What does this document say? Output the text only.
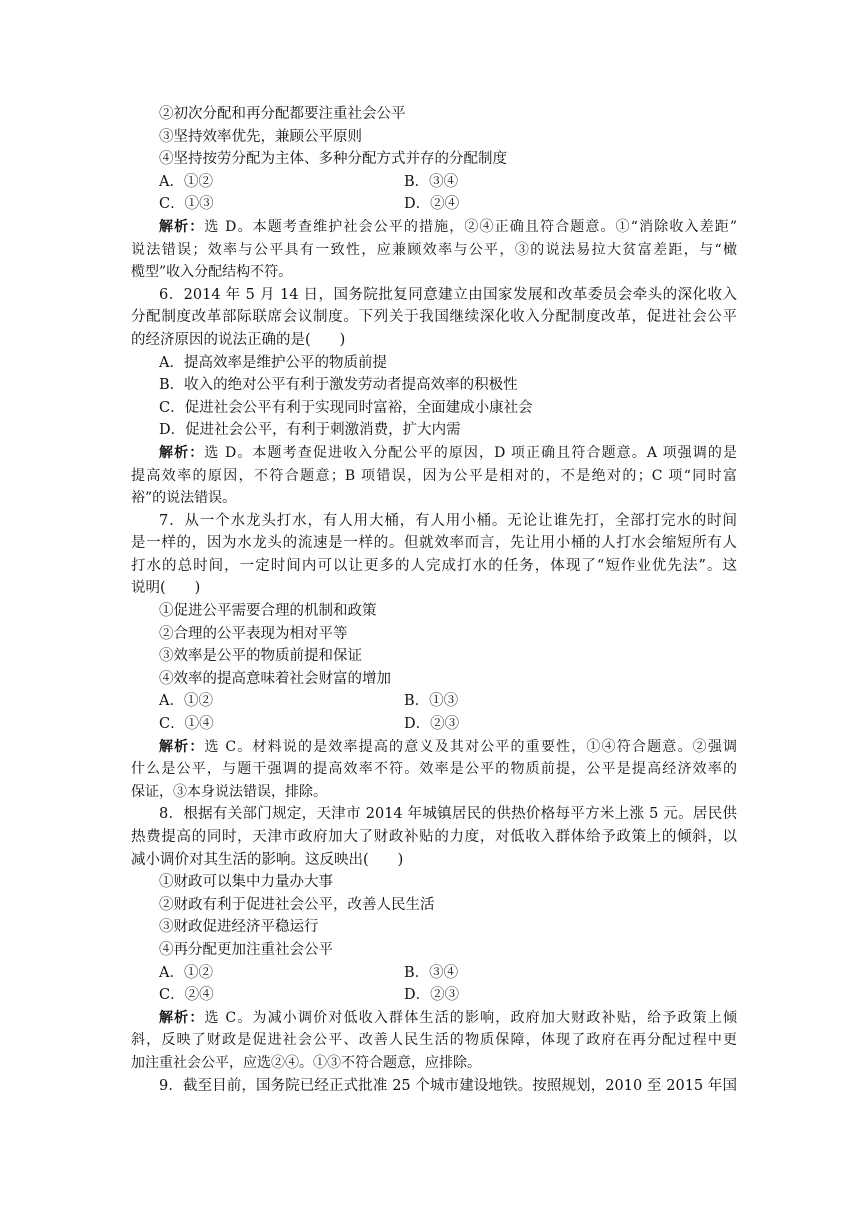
②初次分配和再分配都要注重社会公平
③坚持效率优先，兼顾公平原则
④坚持按劳分配为主体、多种分配方式并存的分配制度
A．①②	B．③④
C．①③	D．②④
解析：选 D。本题考查维护社会公平的措施，②④正确且符合题意。①“消除收入差距”
说法错误；效率与公平具有一致性，应兼顾效率与公平，③的说法易拉大贫富差距，与“橄
榄型”收入分配结构不符。
6．2014 年 5 月 14 日，国务院批复同意建立由国家发展和改革委员会牵头的深化收入
分配制度改革部际联席会议制度。下列关于我国继续深化收入分配制度改革，促进社会公平
的经济原因的说法正确的是(　　)
A．提高效率是维护公平的物质前提
B．收入的绝对公平有利于激发劳动者提高效率的积极性
C．促进社会公平有利于实现同时富裕，全面建成小康社会
D．促进社会公平，有利于刺激消费，扩大内需
解析：选 D。本题考查促进收入分配公平的原因，D 项正确且符合题意。A 项强调的是
提高效率的原因，不符合题意；B 项错误，因为公平是相对的，不是绝对的；C 项“同时富
裕”的说法错误。
7．从一个水龙头打水，有人用大桶，有人用小桶。无论让谁先打，全部打完水的时间
是一样的，因为水龙头的流速是一样的。但就效率而言，先让用小桶的人打水会缩短所有人
打水的总时间，一定时间内可以让更多的人完成打水的任务，体现了“短作业优先法”。这
说明(　　)
①促进公平需要合理的机制和政策
②合理的公平表现为相对平等
③效率是公平的物质前提和保证
④效率的提高意味着社会财富的增加
A．①②	B．①③
C．①④	D．②③
解析：选 C。材料说的是效率提高的意义及其对公平的重要性，①④符合题意。②强调
什么是公平，与题干强调的提高效率不符。效率是公平的物质前提，公平是提高经济效率的
保证，③本身说法错误，排除。
8．根据有关部门规定，天津市 2014 年城镇居民的供热价格每平方米上涨 5 元。居民供
热费提高的同时，天津市政府加大了财政补贴的力度，对低收入群体给予政策上的倾斜，以
减小调价对其生活的影响。这反映出(　　)
①财政可以集中力量办大事
②财政有利于促进社会公平，改善人民生活
③财政促进经济平稳运行
④再分配更加注重社会公平
A．①②	B．③④
C．②④	D．②③
解析：选 C。为减小调价对低收入群体生活的影响，政府加大财政补贴，给予政策上倾
斜，反映了财政是促进社会公平、改善人民生活的物质保障，体现了政府在再分配过程中更
加注重社会公平，应选②④。①③不符合题意，应排除。
9．截至目前，国务院已经正式批准 25 个城市建设地铁。按照规划，2010 至 2015 年国
